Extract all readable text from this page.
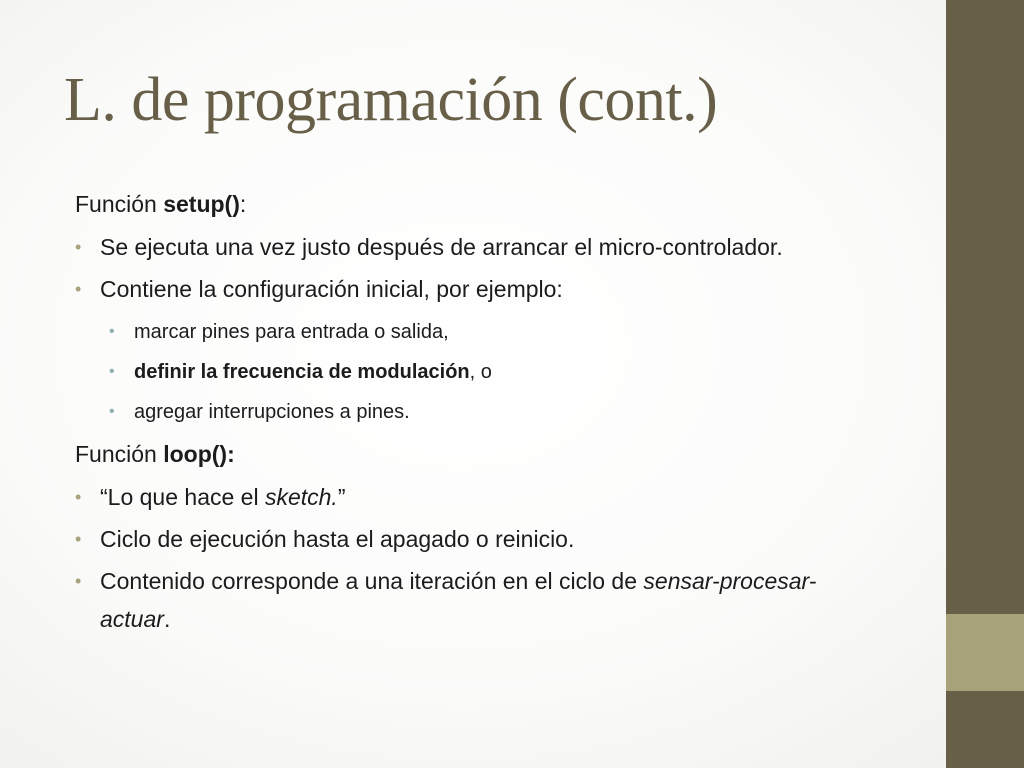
L. de programación (cont.)
Función setup():
• Se ejecuta una vez justo después de arrancar el micro-controlador.
• Contiene la configuración inicial, por ejemplo:
• marcar pines para entrada o salida,
• definir la frecuencia de modulación, o
• agregar interrupciones a pines.
Función loop():
• “Lo que hace el sketch.”
• Ciclo de ejecución hasta el apagado o reinicio.
• Contenido corresponde a una iteración en el ciclo de sensar-procesar-actuar.
